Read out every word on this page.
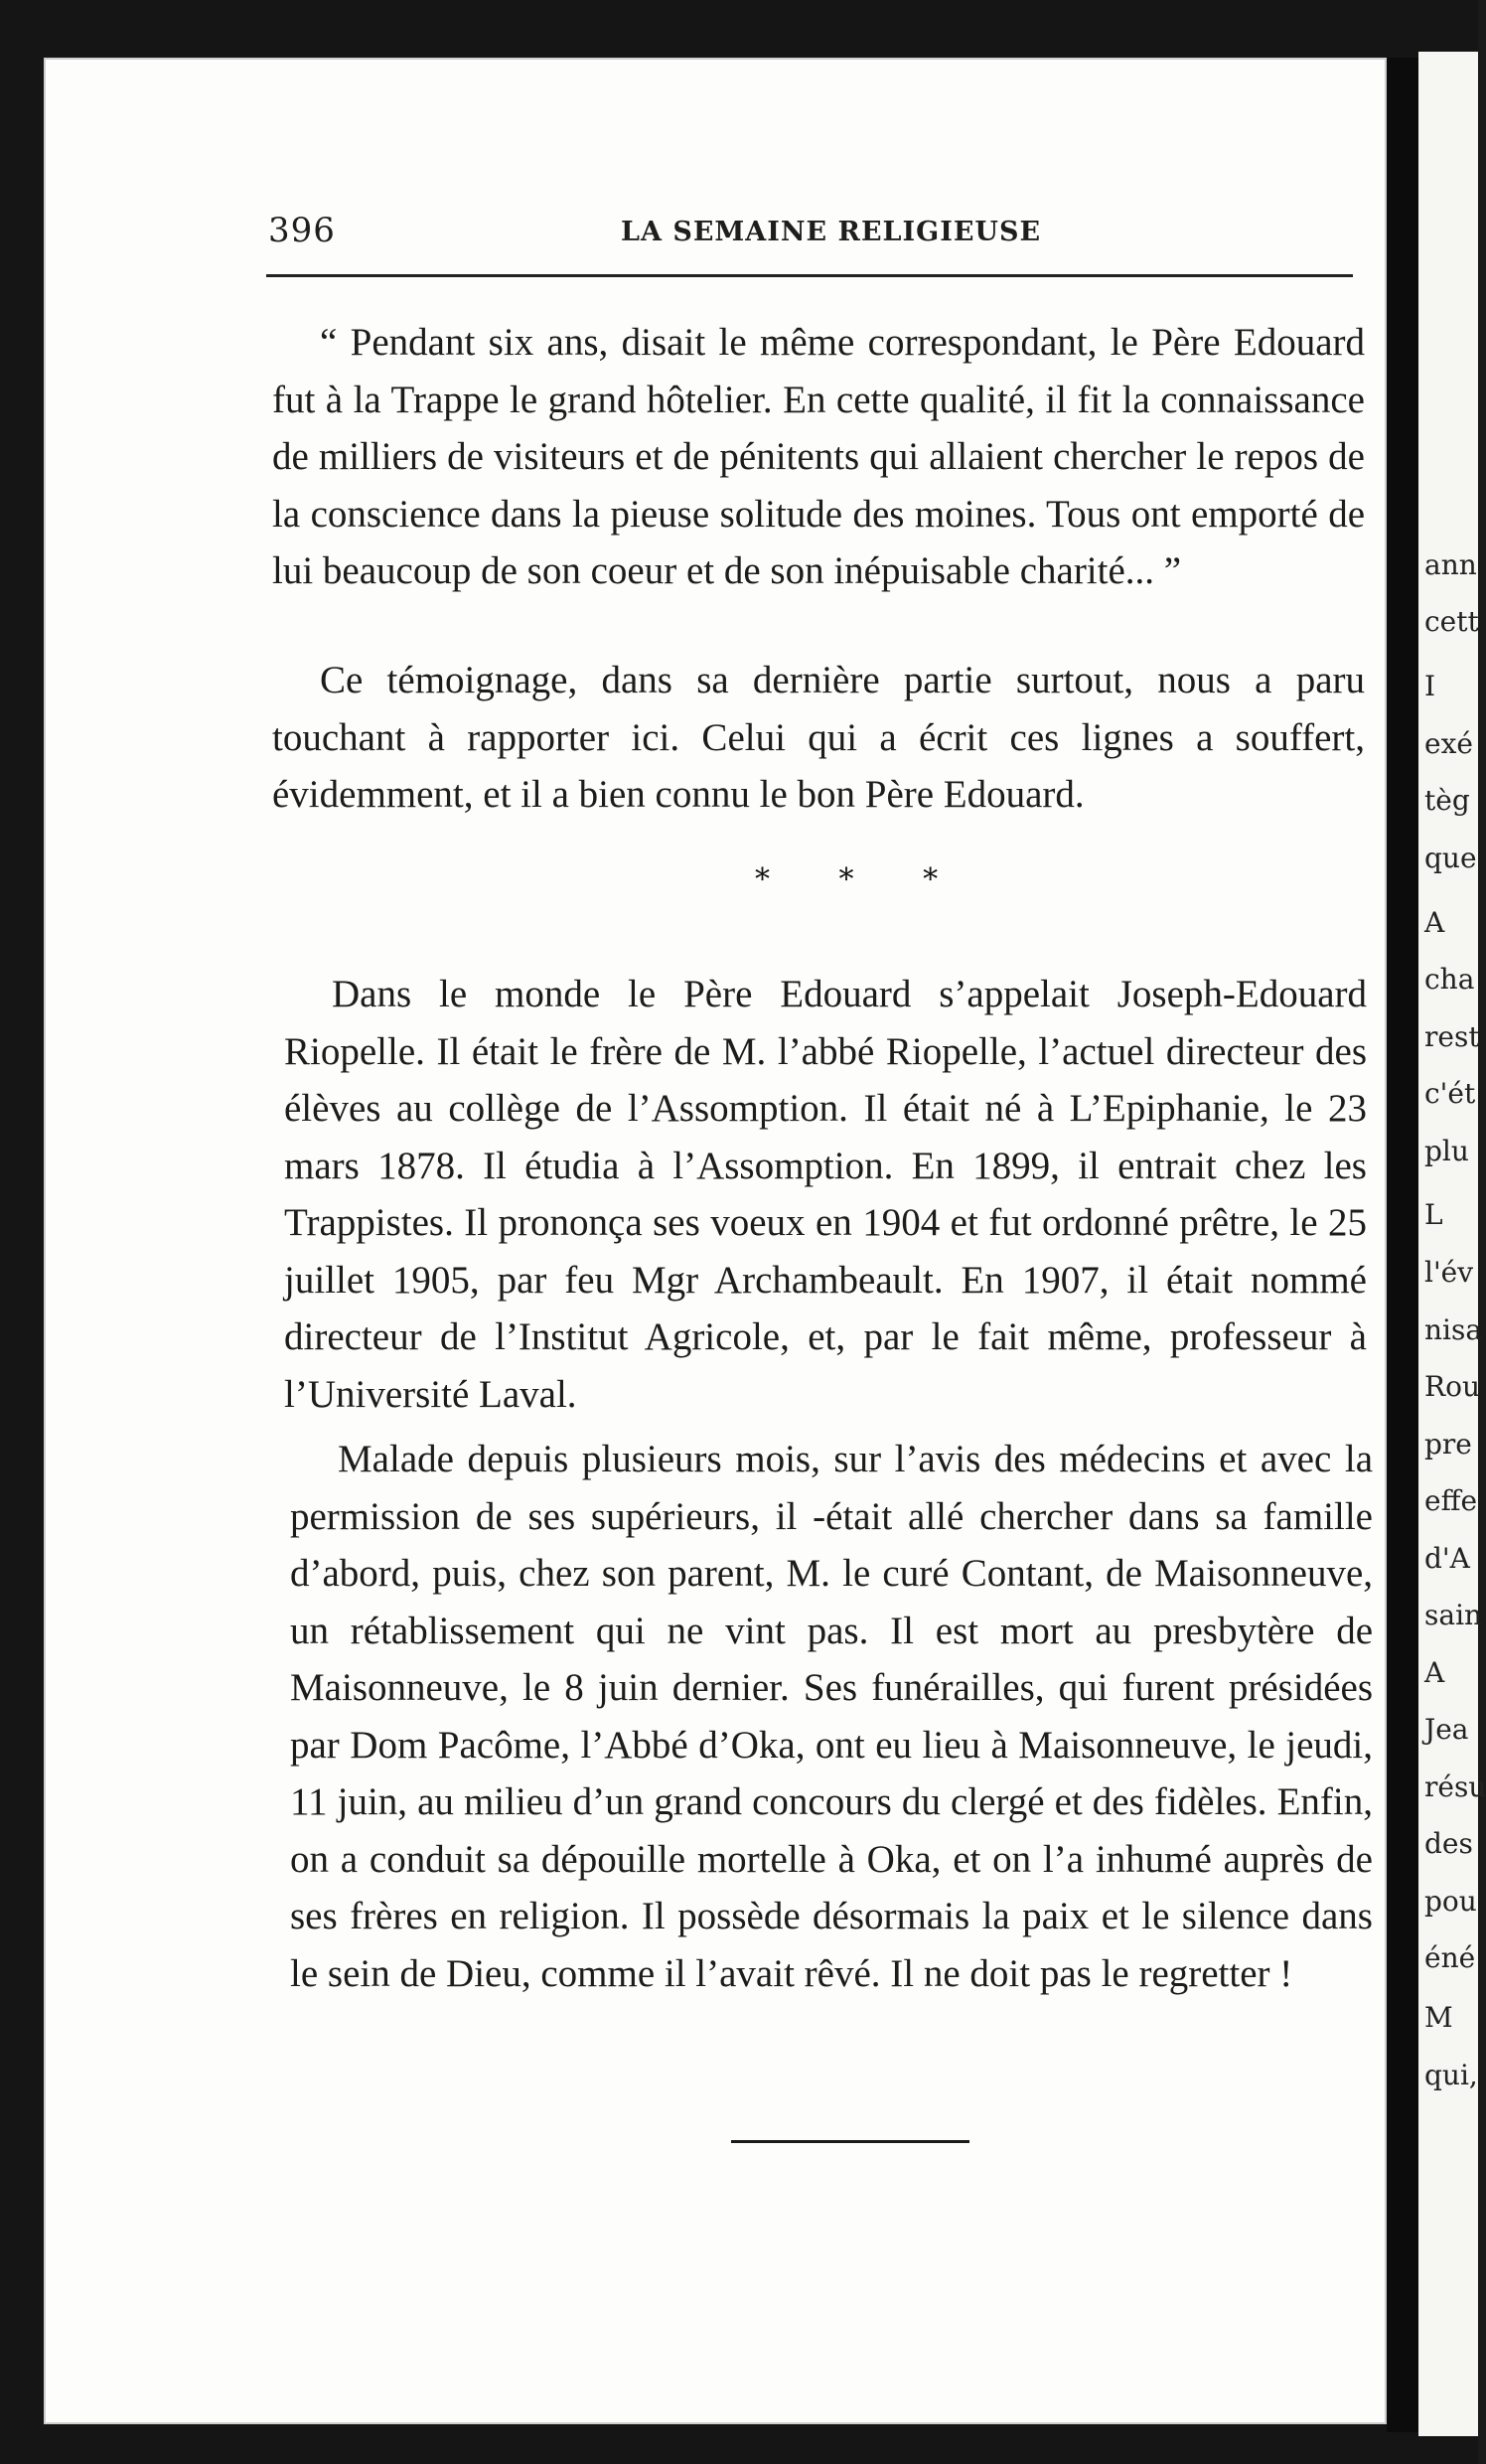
ann
cett
I
exé
tèg
que
A
cha
rest
c'ét
plu
L
l'év
nisa
Rou
pre
effe
d'A
sain
A
Jea
résu
des
pou
éné
M
qui,
396	LA SEMAINE RELIGIEUSE

“ Pendant six ans, disait le même correspondant, le Père Edouard fut à la Trappe le grand hôtelier. En cette qualité, il fit la connaissance de milliers de visiteurs et de pénitents qui allaient chercher le repos de la conscience dans la pieuse solitude des moines. Tous ont emporté de lui beaucoup de son coeur et de son inépuisable charité... ”

Ce témoignage, dans sa dernière partie surtout, nous a paru touchant à rapporter ici. Celui qui a écrit ces lignes a souffert, évidemment, et il a bien connu le bon Père Edouard.

* * *

Dans le monde le Père Edouard s’appelait Joseph-Edouard Riopelle. Il était le frère de M. l’abbé Riopelle, l’actuel directeur des élèves au collège de l’Assomption. Il était né à L’Epiphanie, le 23 mars 1878. Il étudia à l’Assomption. En 1899, il entrait chez les Trappistes. Il prononça ses voeux en 1904 et fut ordonné prêtre, le 25 juillet 1905, par feu Mgr Archambeault. En 1907, il était nommé directeur de l’Institut Agricole, et, par le fait même, professeur à l’Université Laval.

Malade depuis plusieurs mois, sur l’avis des médecins et avec la permission de ses supérieurs, il -était allé chercher dans sa famille d’abord, puis, chez son parent, M. le curé Contant, de Maisonneuve, un rétablissement qui ne vint pas. Il est mort au presbytère de Maisonneuve, le 8 juin dernier. Ses funérailles, qui furent présidées par Dom Pacôme, l’Abbé d’Oka, ont eu lieu à Maisonneuve, le jeudi, 11 juin, au milieu d’un grand concours du clergé et des fidèles. Enfin, on a conduit sa dépouille mortelle à Oka, et on l’a inhumé auprès de ses frères en religion. Il possède désormais la paix et le silence dans le sein de Dieu, comme il l’avait rêvé. Il ne doit pas le regretter !
